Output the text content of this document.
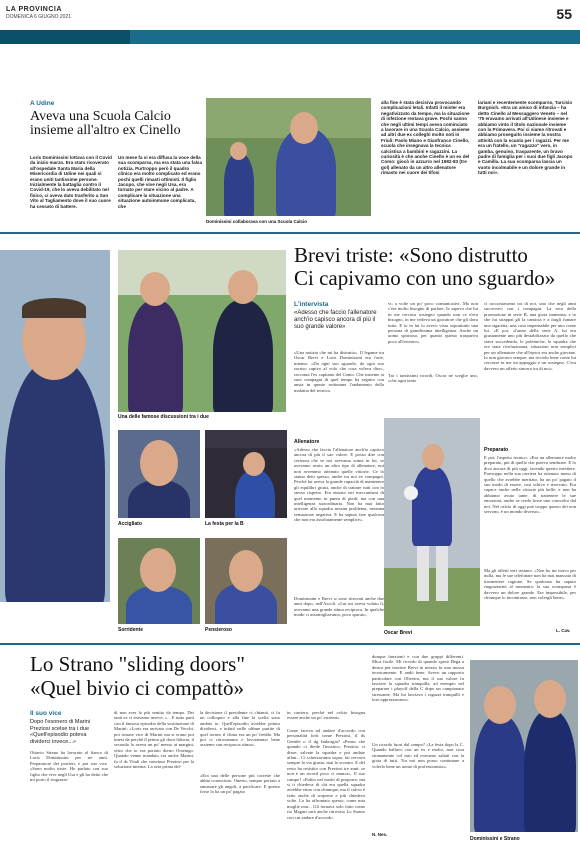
LA PROVINCIA
DOMENICA 6 GIUGNO 2021	55
A Udine
Aveva una Scuola Calcio insieme all'altro ex Cinello
Loris Dominissini lottava con il Covid da inizio marzo. Era stato ricoverato all'ospedale Santa Maria della Misericordia di Udine nei quali si erano uniti tantissime persone. Inizialmente la battaglia contro il Covid-19, che lo aveva debilitato nel fisico, ci aveva dato trasferito a San Vito al Tagliamento dove il suo cuore ha cessato di battere.
Un mese fa si era diffusa la voce della sua scomparsa, ma era stata una falsa notizia. Purtroppo però il quadro clinico era molto complicato ed erano pochi quelli rimasti ottimisti. Il figlio Jacopo, che vive negli Usa, era tornato per stare vicino al padre. A complicare la situazione una situazione autoimmune complicata, che
Dominissini collaborava con una Scuola Calcio
alla fine è stata decisiva provocando complicazioni letali. Infatti il mister era negativizzato da tempo, ma la situazione di infezione restava grave. Pochi sanno che negli ultimi tempi aveva cominciato a lavorare in una Scuola Calcio, assieme ad altri due ex colleghi molto noti in Friuli: Paolo Miano e Gianfranco Cinello, scuola che insegnava la tecnica calcistica a bambini e ragazzini. La curiosità è che anche Cinello è un ex del Como: giocò in azzurro nel 1982-83 (tre gol) allenato da un altro allenatore rimasto nei cuore dei tifosi
lariani e recentemente scomparso, Tarcisio Burgnich. «Era un amico di infanzia – ha detto Cinello al Messaggero Veneto – nel '75 eravamo arrivati all'Udinese insieme e abbiamo vinto il titolo nazionale insieme con la Primavera. Poi ci siamo ritrovati e abbiamo proseguito insieme la nostra attività con la scuola per i ragazzi. Per me era un fratello, un "ragazzo" vero, in gamba, genuino, trasparente, un bravo padre di famiglia per i suoi due figli Jacopo e Camilla. La sua scomparsa lascia un vuoto incolmabile e un dolore grande in tutti noi».
Una delle famose discussioni tra i due
Accigliato	La festa per la B
Sorridente	Pensieroso
Brevi triste: «Sono distrutto
Ci capivamo con uno sguardo»
L'intervista
«Adesso che faccio l'allenatore anch'io capisco ancora di più il suo grande valore»
«Una notizia che mi ha distrutto». Il legame tra Oscar Brevi e Loris Dominissini era forte, intenso. «Da ogni suo sguardo, da ogni suo sorriso capivo al volo che cosa voleva dire», racconta l'ex capitano del Como. Che insieme ai suoi compagni di quel tempo ha seguito con ansia in queste settimane l'andamento della malattia del tecnico.
Allenatore
«Adesso che faccio l'allenatore anch'io capisco ancora di più il suo valore. E posso dire con certezza che se noi avevamo stima in lui, se avevamo avuto un altro tipo di allenatore, noi non avremmo ottenuto quelle vittorie. Ce lo siamo detti spesso, anche tra noi ex compagni. Perché lui aveva la grande capacità di mantenere gli equilibri giusti, anche di trattare tutti con lo stesso rispetto. Era entrato nei meccanismi di quel momento in punta di piedi, ma con una intelligenza straordinaria. Non ha mai fatto arrivare alla squadra nessun problema, nessuna sensazione negativa. E ha saputo fare qualcosa che non era assolutamente semplice».
Dominissini e Brevi si sono ritrovati anche due anni dopo, nell'Ascoli. «Lui mi aveva voluto lì, avevamo una grande stima reciproca. In qualche modo ci assomigliavamo, poco sparato,
vi, a volte un po' poco comunicativi. Ma non c'era molto bisogno di parlare. Io sapevo che lui in me cercava sostegno quando non ce n'era bisogno, in me vedeva un giocatore che gli dava tutto. E io in lui lo avevo visto soprattutto una persona di grandissima intelligenza. Anche un uomo spiritoso, per quanto questo traspariva poco all'esterno».
Tra i tantissimi ricordi, Oscar ne sceglie uno, «che ogni tanto
Oscar Brevi
ci raccontavamo tra di noi, uno che negli anni successivi con i compagni. La sera della promozione in serie B, una gioia immensa, e io che lui strappai gli la camicia e a fargli fumare una sigaretta, una cosa impensabile per uno come lui. «E poi, «l'anno della serie A, lui era giustamente uno più destabilizzato da quello che stava succedendo, le polemiche, la squadra che era stata rivoluzionata, situazioni non semplici per un allenatore che all'epoca era anche giovane. Io non giocavo sempre, ma ricordo bene come lui cercasse in me un appoggio e un sostegno. C'era davvero un affetto sincero tra di noi».
Preparato
E poi, l'aspetto tecnico. «Era un allenatore molto preparato, più di quello che poteva sembrare. E lo dico ancora di più oggi, facendo questo mestiere. Purtroppo nella sua carriera ha ottenuto meno di quello che avrebbe meritato, ha un po' pagato il suo modo di essere, così schivo e riservato. Era capace anche nelle vittorie più belle, e non ha abbiamo avuto tante, di trattenere le sue emozioni, anche se credo fosse uno coinvolto dal noi. Nel calcio di oggi può troppo questo dei non servono, è un mondo diverso».
Ma gli affetti veri restano. «Non ho mi tiravo per nulla, ma le sue telefonate non ha mai mancato di trasmettere ragione. Se qualcuno ha saputo ringraziarmi al momento: la sua scomparsa è davvero un dolore grande. Era impossibile, per chiunque lo incontrasse, non volergli bene».
L. Cav.
Lo Strano "sliding doors"
«Quel bivio ci compattò»
Il suo vice
Dopo l'esonero di Marini Preziosi scelse tra i due «Quell'episodio poteva dividerci invece...»
Ottavio Strano ha lavorato al fianco di Loris Dominissini per tre anni. Preparatore dei portieri, e poi suo vice. «Sono molto triste. Ho parlato con suo figlio che vive negli Usa e gli ho detto che mi porto il ringrazio-
di non aver lo più sentito da tempo. Dei tanti ex ci eravamo invece, «... E tutto parti con il famoso episodio della sostituzione di Marini: «Loris era arrivato con De Vecchi, poi rimase vice di Marini ma si erano poi intesi da perché il primo gli dava fiducia, il secondo lo aveva un po' messo ai margini, visto che io era portato dietro Orsenigo. Quando venne mandato via anche Marini, fu il ds Vitali che convinse Preziosi per la soluzione interna. La sera prima del-
la decisione il presidente ci chiamò, ci fu un colloquio e alla fine la scelta sono andato io. Quell'episodio avrebbe potuto dividerci, e infatti nelle ultime partite di quel torneo il clima era un po' freddo. Ma poi ci ritrovammo e lavorammo bene assieme con reciproca stima».
«Era una delle persone più corrette che abbia conosciuto. Onesto, sempre portato a smussare gli angoli, a pacificare. E questo forse lo ha un po' pagato
in carriera, perché nel calcio bisogna essere anche un po' estremi».
Come faceva ad andare d'accordo con personalità forti come Preziosi, il ds Gentile o il dg Imborgia? «Penso che quando ci diede l'incarico, Preziosi ci disse: salvate la squadra e poi andate affan... Ci scherzavamo sopra, lui cercava sempre la via giusta, mai lo scontro. E del resto ha resistito con Preziosi tre anni: se non è un record poco ci manca». Il suo campo? «Pulito nel modo di proporre, ma si ti chiedeva di chi era quella squadra avrebbe vinto con chiunque, ma il calcio è fatto anche di sorprese e più chiedeva volte. Lo ha affrontato spesso, come mia moglie non... Gli tornava solo fatto come rio Magari sarà anche ritrovato Lo Strano con cui andare d'accordo.
dunque funzionò e con due gruppi differenti. Mica facile. Mi ricordo di quando sposò Bega a destra per inserire Brevi in mezzo fu una mossa tecnicamente. E andò bene. Avevo un rapporto particolare con Oliveira, ma il suo valore fu lasciare la squadra tranquilla, ad esempio nel preparare i playoff della C dopo un campionato stressante. Ma lui lasciava i ragazzi tranquilli e loro apprezzavano».
Un ricordo fuori dal campo? «La festa dopo la C. Quando ballavo con un ex e molto, non cosa stranamente col mio ed eravamo saltati con la gioia di tutti. Tra noi non posso continuare a volerlo bene un uomo di professionista».
N. Nes.
Dominissini e Strano
